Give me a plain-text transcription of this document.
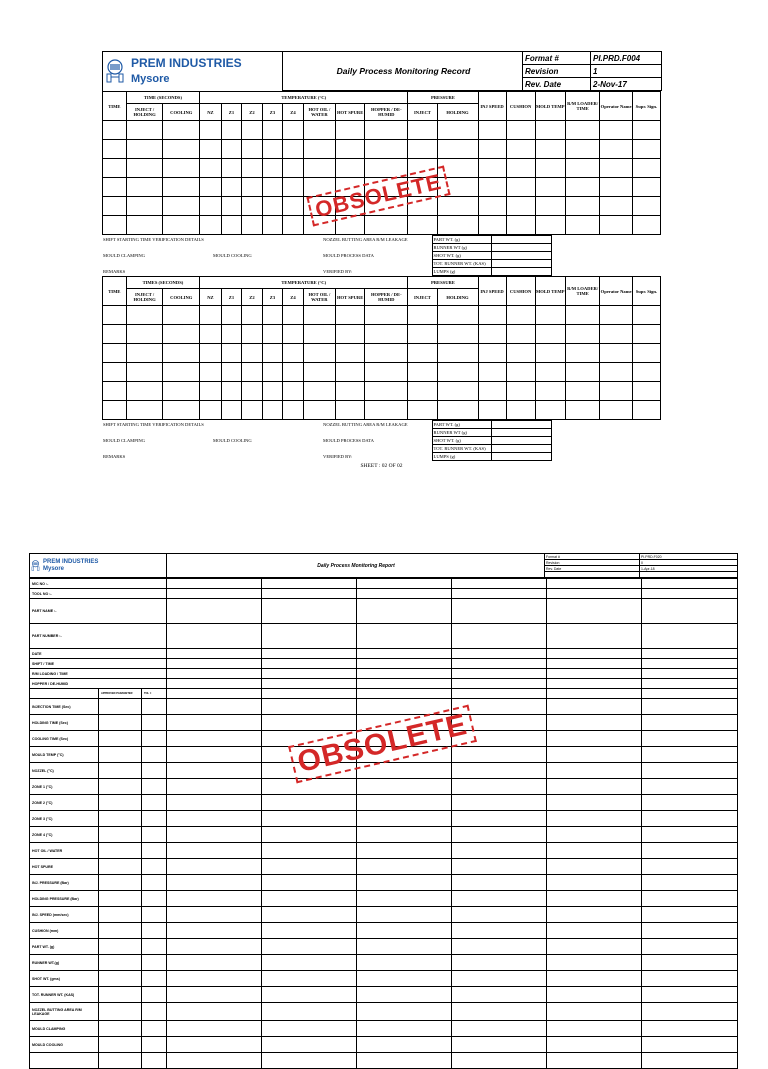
PREM INDUSTRIES
Mysore	Daily Process Monitoring Record	Format #	PI.PRD.F004
		Revision	1
		Rev. Date	2-Nov-17
TIME	TIME (SECONDS)		TEMPERATURE (°C)								PRESSURE		INJ SPEED	CUSHION	MOLD TEMP	R/M LOADER/ TIME	Operator Name	Supr. Sign.
	INJECT / HOLDING	COOLING	NZ	Z1	Z2	Z3	Z4	HOT OIL / WATER	HOT SPURE	HOPPER / DE-HUMID	INJECT	HOLDING						

SHIFT STARTING TIME VERIFICATION DETAILS		NOZZEL BUTTING AREA R/M LEAKAGE	PART WT. (g)		
			RUNNER WT (g)		
MOULD CLAMPING	MOULD COOLING	MOULD PROCESS DATA	SHOT WT. (g)		
			TOT. RUNNER WT. (KAS)		
REMARKS		VERIFIED BY:	LUMPS (g)		
TIME	TIMES (SECONDS)		TEMPERATURE (°C)								PRESSURE		INJ SPEED	CUSHION	MOLD TEMP	R/M LOADER/ TIME	Operator Name	Supr. Sign.
	INJECT / HOLDING	COOLING	NZ	Z1	Z2	Z3	Z4	HOT OIL / WATER	HOT SPURE	HOPPER / DE-HUMID	INJECT	HOLDING						

SHIFT STARTING TIME VERIFICATION DETAILS		NOZZEL BUTTING AREA R/M LEAKAGE	PART WT. (g)		
			RUNNER WT (g)		
MOULD CLAMPING	MOULD COOLING	MOULD PROCESS DATA	SHOT WT. (g)		
			TOT. RUNNER WT. (KAS)		
REMARKS		VERIFIED BY:	LUMPS (g)		
SHEET : 02 OF 02
OBSOLETE
PREM INDUSTRIES
Mysore	Daily Process Monitoring Report	Format #	PI.PRD.F020
		Revision	0
		Rev. Date	1-Apr-18

M/C NO :-								
TOOL NO :-								
PART NAME :-								
PART NUMBER :-								
DATE								
SHIFT / TIME								
R/M LOADING / TIME								
HOPPER / DE-HUMID								
	APPROVED PARAMETER	TOL ±						
INJECTION TIME (Sec)								
HOLDING TIME (Sec)								
COOLING TIME (Sec)								
MOULD TEMP (°C)								
NOZZEL (°C)								
ZONE 1 (°C)								
ZONE 2 (°C)								
ZONE 3 (°C)								
ZONE 4 (°C)								
HOT OIL / WATER								
HOT SPURE								
INJ. PRESSURE (Bar)								
HOLDING PRESSURE (Bar)								
INJ. SPEED (mm/sec)								
CUSHION (mm)								
PART WT. (g)								
RUNNER WT.(g)								
SHOT WT. (gms)								
TOT. RUNNER WT. (KAS)								
NOZZEL BUTTING AREA R/M LEAKAGE								
MOULD CLAMPING								
MOULD COOLING								

OBSOLETE
